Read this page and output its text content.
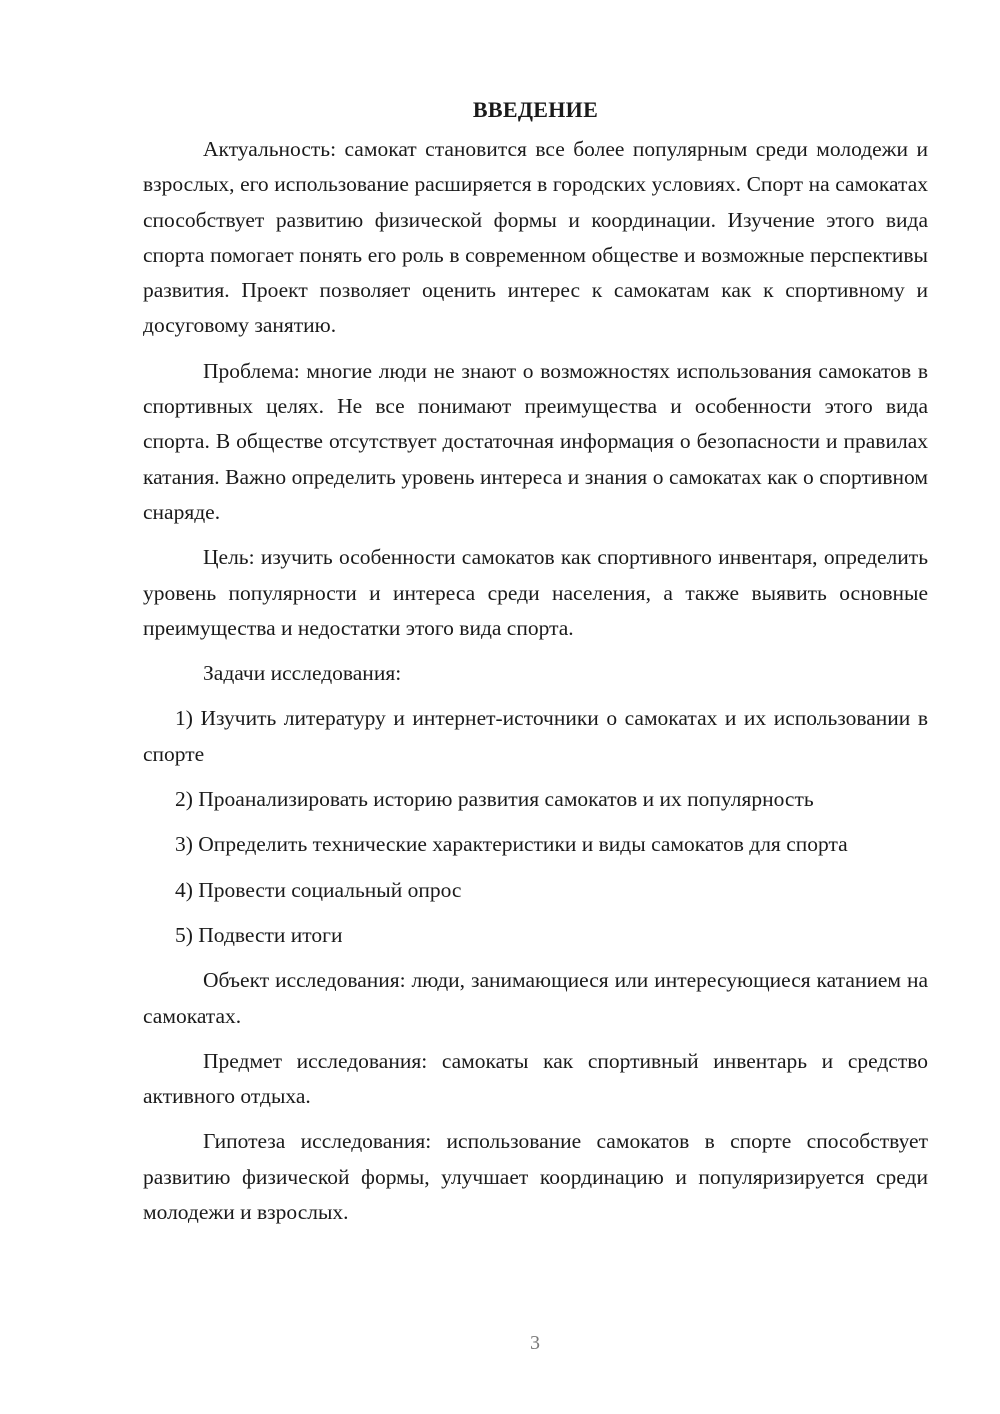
ВВЕДЕНИЕ

Актуальность: самокат становится все более популярным среди молодежи и взрослых, его использование расширяется в городских условиях. Спорт на самокатах способствует развитию физической формы и координации. Изучение этого вида спорта помогает понять его роль в современном обществе и возможные перспективы развития. Проект позволяет оценить интерес к самокатам как к спортивному и досуговому занятию.

Проблема: многие люди не знают о возможностях использования самокатов в спортивных целях. Не все понимают преимущества и особенности этого вида спорта. В обществе отсутствует достаточная информация о безопасности и правилах катания. Важно определить уровень интереса и знания о самокатах как о спортивном снаряде.

Цель: изучить особенности самокатов как спортивного инвентаря, определить уровень популярности и интереса среди населения, а также выявить основные преимущества и недостатки этого вида спорта.

Задачи исследования:

1) Изучить литературу и интернет-источники о самокатах и их использовании в спорте

2) Проанализировать историю развития самокатов и их популярность

3) Определить технические характеристики и виды самокатов для спорта

4) Провести социальный опрос

5) Подвести итоги

Объект исследования: люди, занимающиеся или интересующиеся катанием на самокатах.

Предмет исследования: самокаты как спортивный инвентарь и средство активного отдыха.

Гипотеза исследования: использование самокатов в спорте способствует развитию физической формы, улучшает координацию и популяризируется среди молодежи и взрослых.

3
